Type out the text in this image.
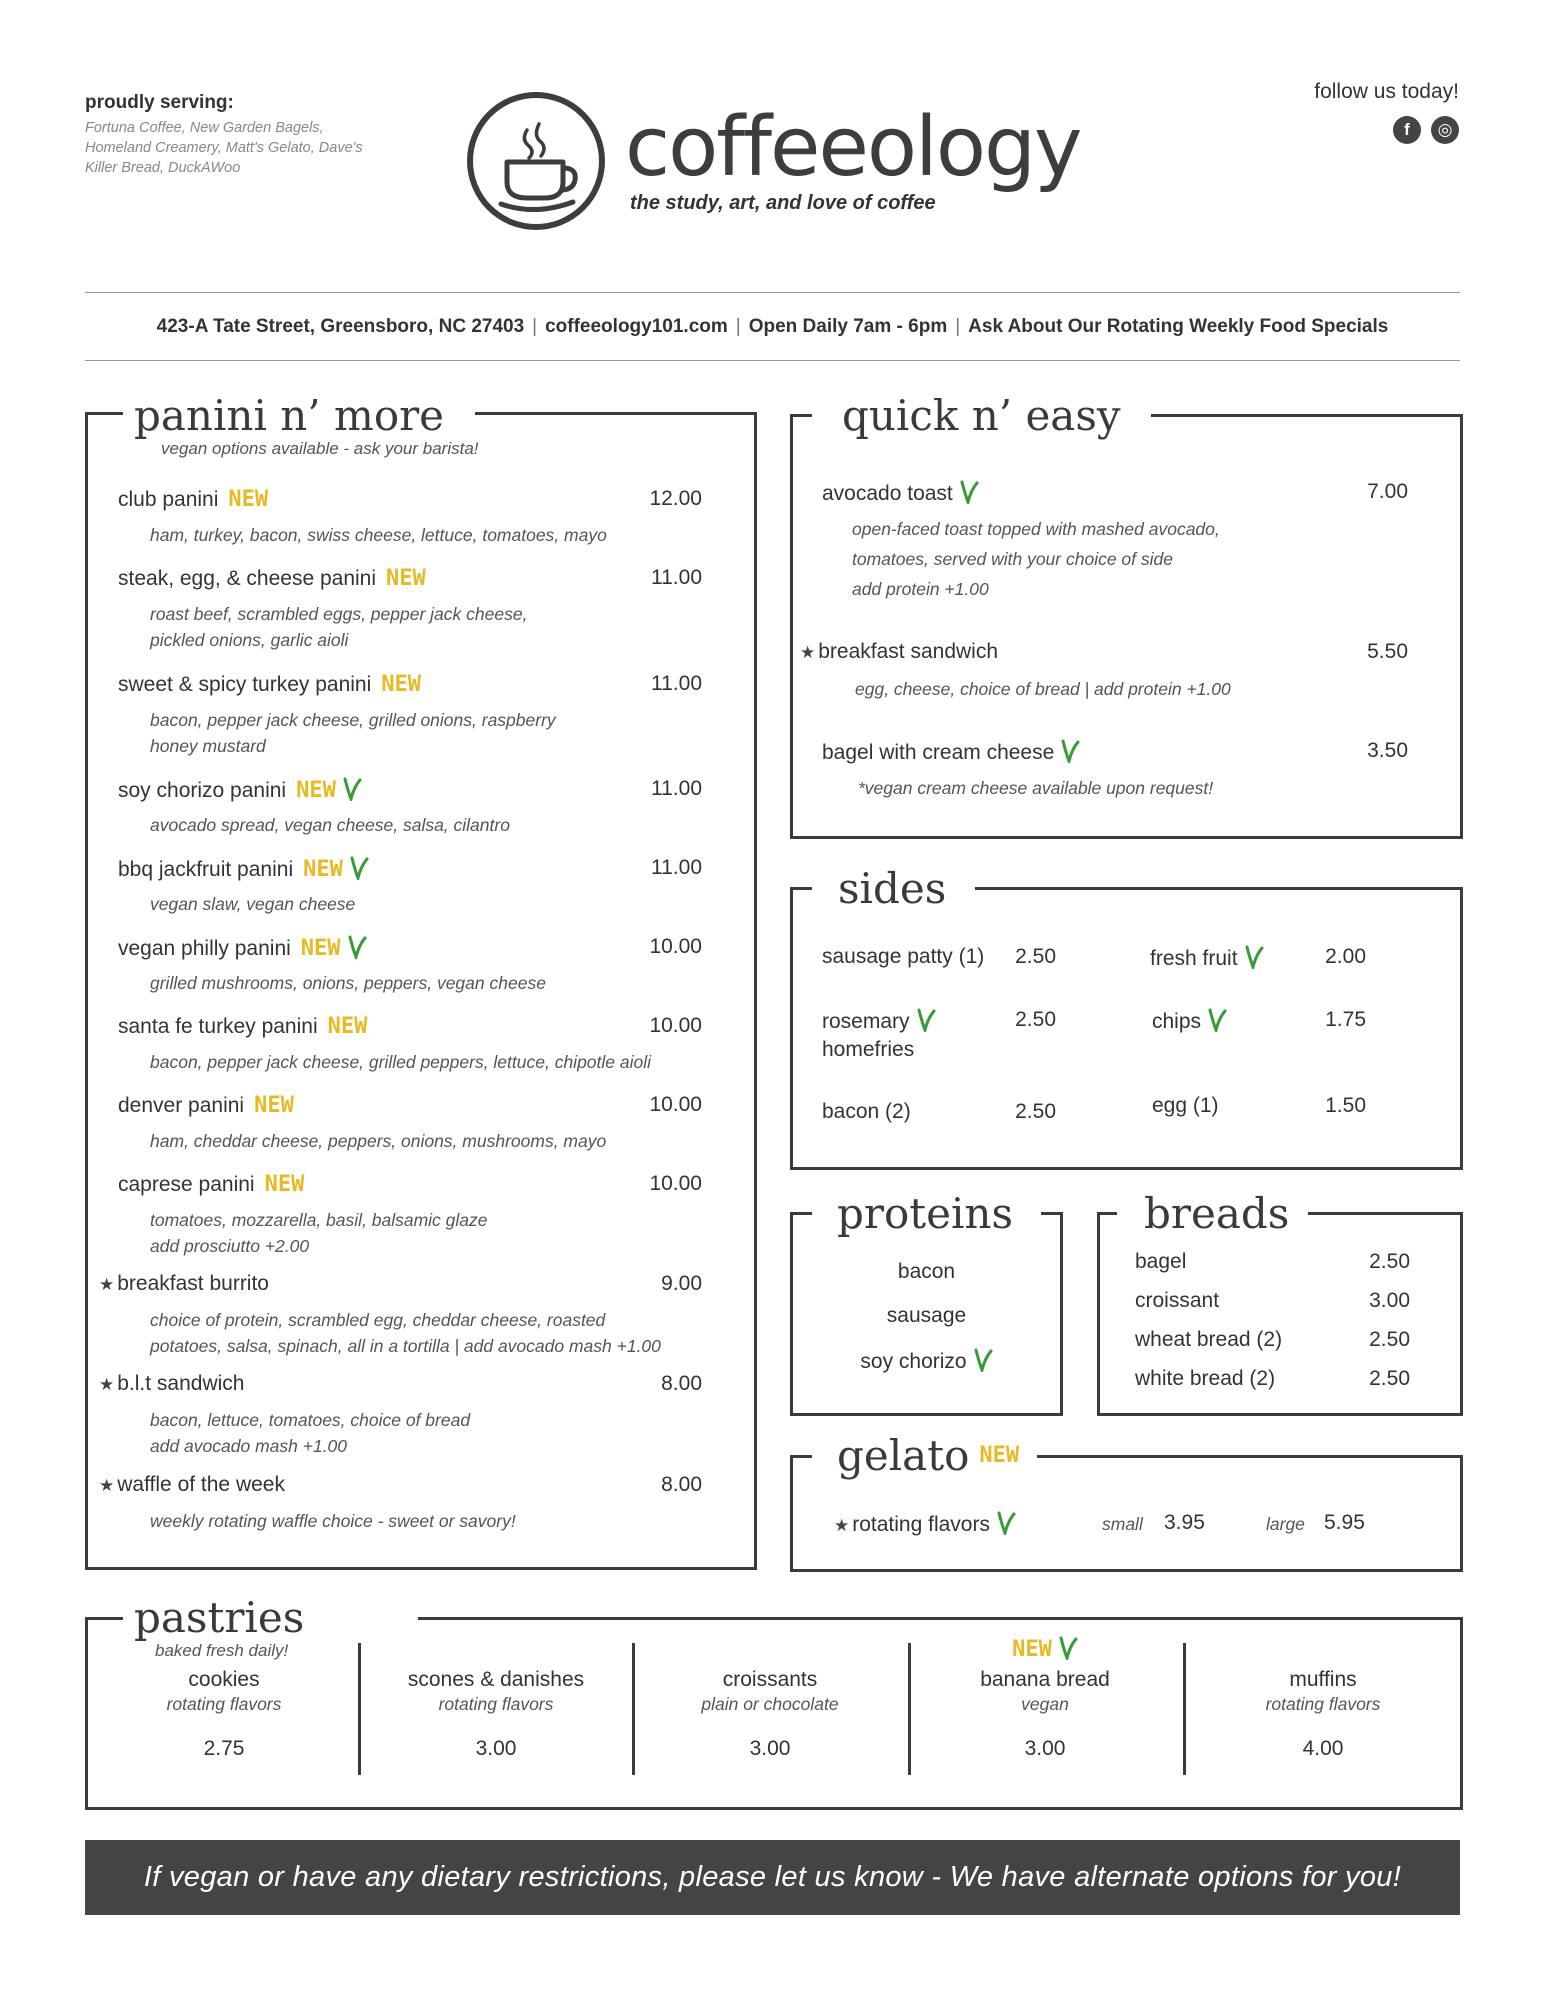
proudly serving:
Fortuna Coffee, New Garden Bagels, Homeland Creamery, Matt's Gelato, Dave's Killer Bread, DuckAWoo	coffeeology
the study, art, and love of coffee
follow us today!
f	◎
423-A Tate Street, Greensboro, NC 27403 | coffeeology101.com | Open Daily 7am - 6pm | Ask About Our Rotating Weekly Food Specials
panini n’ more
vegan options available - ask your barista!
club panini NEW	12.00
ham, turkey, bacon, swiss cheese, lettuce, tomatoes, mayo
steak, egg, & cheese panini NEW	11.00
roast beef, scrambled eggs, pepper jack cheese,
pickled onions, garlic aioli
sweet & spicy turkey panini NEW	11.00
bacon, pepper jack cheese, grilled onions, raspberry
honey mustard
soy chorizo panini NEW	11.00
avocado spread, vegan cheese, salsa, cilantro
bbq jackfruit panini NEW	11.00
vegan slaw, vegan cheese
vegan philly panini NEW	10.00
grilled mushrooms, onions, peppers, vegan cheese
santa fe turkey panini NEW	10.00
bacon, pepper jack cheese, grilled peppers, lettuce, chipotle aioli
denver panini NEW	10.00
ham, cheddar cheese, peppers, onions, mushrooms, mayo
caprese panini NEW	10.00
tomatoes, mozzarella, basil, balsamic glaze
add prosciutto +2.00
★ breakfast burrito	9.00
choice of protein, scrambled egg, cheddar cheese, roasted
potatoes, salsa, spinach, all in a tortilla | add avocado mash +1.00
★ b.l.t sandwich	8.00
bacon, lettuce, tomatoes, choice of bread
add avocado mash +1.00
★ waffle of the week	8.00
weekly rotating waffle choice - sweet or savory!
quick n’ easy
avocado toast	7.00
open-faced toast topped with mashed avocado,
tomatoes, served with your choice of side
add protein +1.00
★ breakfast sandwich	5.50
egg, cheese, choice of bread | add protein +1.00
bagel with cream cheese	3.50
*vegan cream cheese available upon request!
sides
sausage patty (1)	2.50	fresh fruit	2.00
rosemary
homefries
2.50	chips	1.75
bacon (2)	2.50	egg (1)	1.50
proteins
bacon
sausage
soy chorizo
breads
bagel	2.50
croissant	3.00
wheat bread (2)	2.50
white bread (2)	2.50
gelato NEW
★ rotating flavors	small 3.95	large 5.95
pastries
baked fresh daily!
cookies
rotating flavors
2.75
scones & danishes
rotating flavors
3.00
croissants
plain or chocolate
3.00
NEW
banana bread
vegan
3.00
muffins
rotating flavors
4.00
If vegan or have any dietary restrictions, please let us know - We have alternate options for you!
